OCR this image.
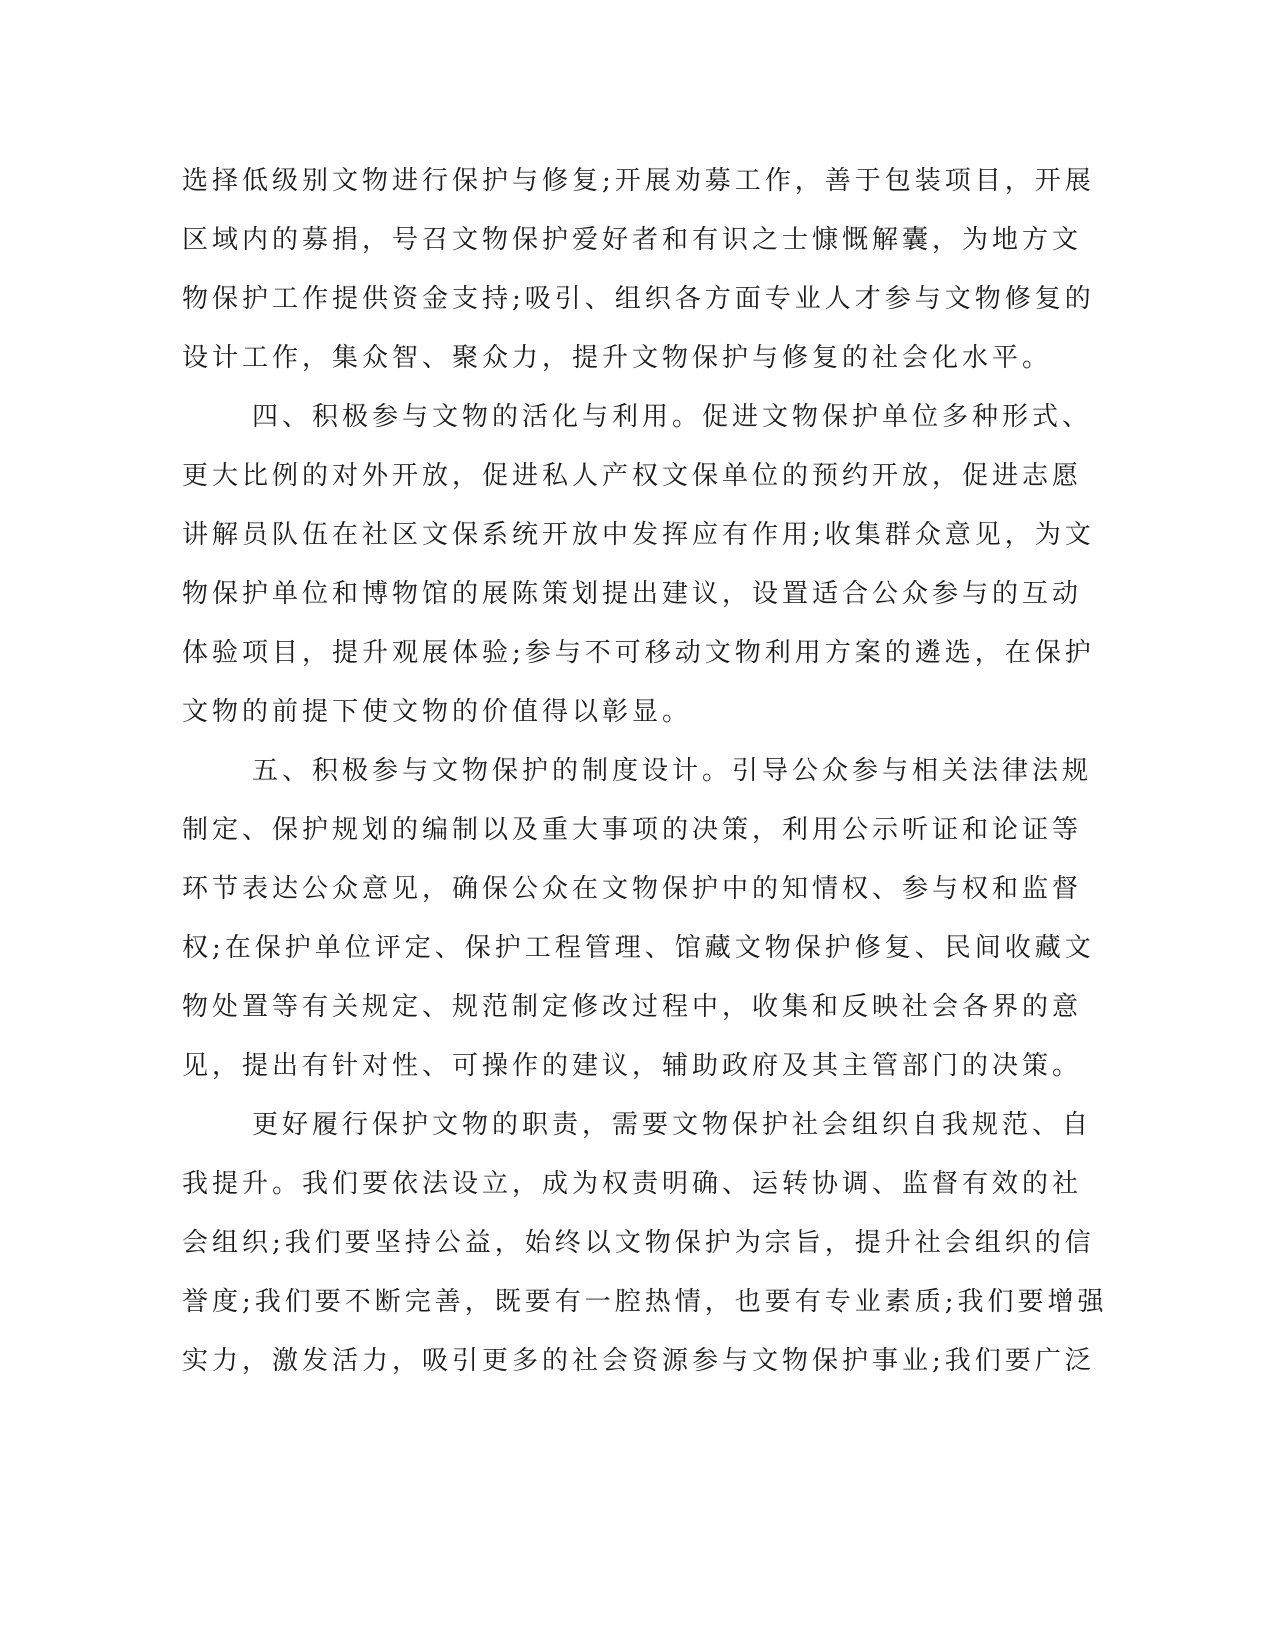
选择低级别文物进行保护与修复;开展劝募工作，善于包装项目，开展
区域内的募捐，号召文物保护爱好者和有识之士慷慨解囊，为地方文
物保护工作提供资金支持;吸引、组织各方面专业人才参与文物修复的
设计工作，集众智、聚众力，提升文物保护与修复的社会化水平。
四、积极参与文物的活化与利用。促进文物保护单位多种形式、
更大比例的对外开放，促进私人产权文保单位的预约开放，促进志愿
讲解员队伍在社区文保系统开放中发挥应有作用;收集群众意见，为文
物保护单位和博物馆的展陈策划提出建议，设置适合公众参与的互动
体验项目，提升观展体验;参与不可移动文物利用方案的遴选，在保护
文物的前提下使文物的价值得以彰显。
五、积极参与文物保护的制度设计。引导公众参与相关法律法规
制定、保护规划的编制以及重大事项的决策，利用公示听证和论证等
环节表达公众意见，确保公众在文物保护中的知情权、参与权和监督
权;在保护单位评定、保护工程管理、馆藏文物保护修复、民间收藏文
物处置等有关规定、规范制定修改过程中，收集和反映社会各界的意
见，提出有针对性、可操作的建议，辅助政府及其主管部门的决策。
更好履行保护文物的职责，需要文物保护社会组织自我规范、自
我提升。我们要依法设立，成为权责明确、运转协调、监督有效的社
会组织;我们要坚持公益，始终以文物保护为宗旨，提升社会组织的信
誉度;我们要不断完善，既要有一腔热情，也要有专业素质;我们要增强
实力，激发活力，吸引更多的社会资源参与文物保护事业;我们要广泛
